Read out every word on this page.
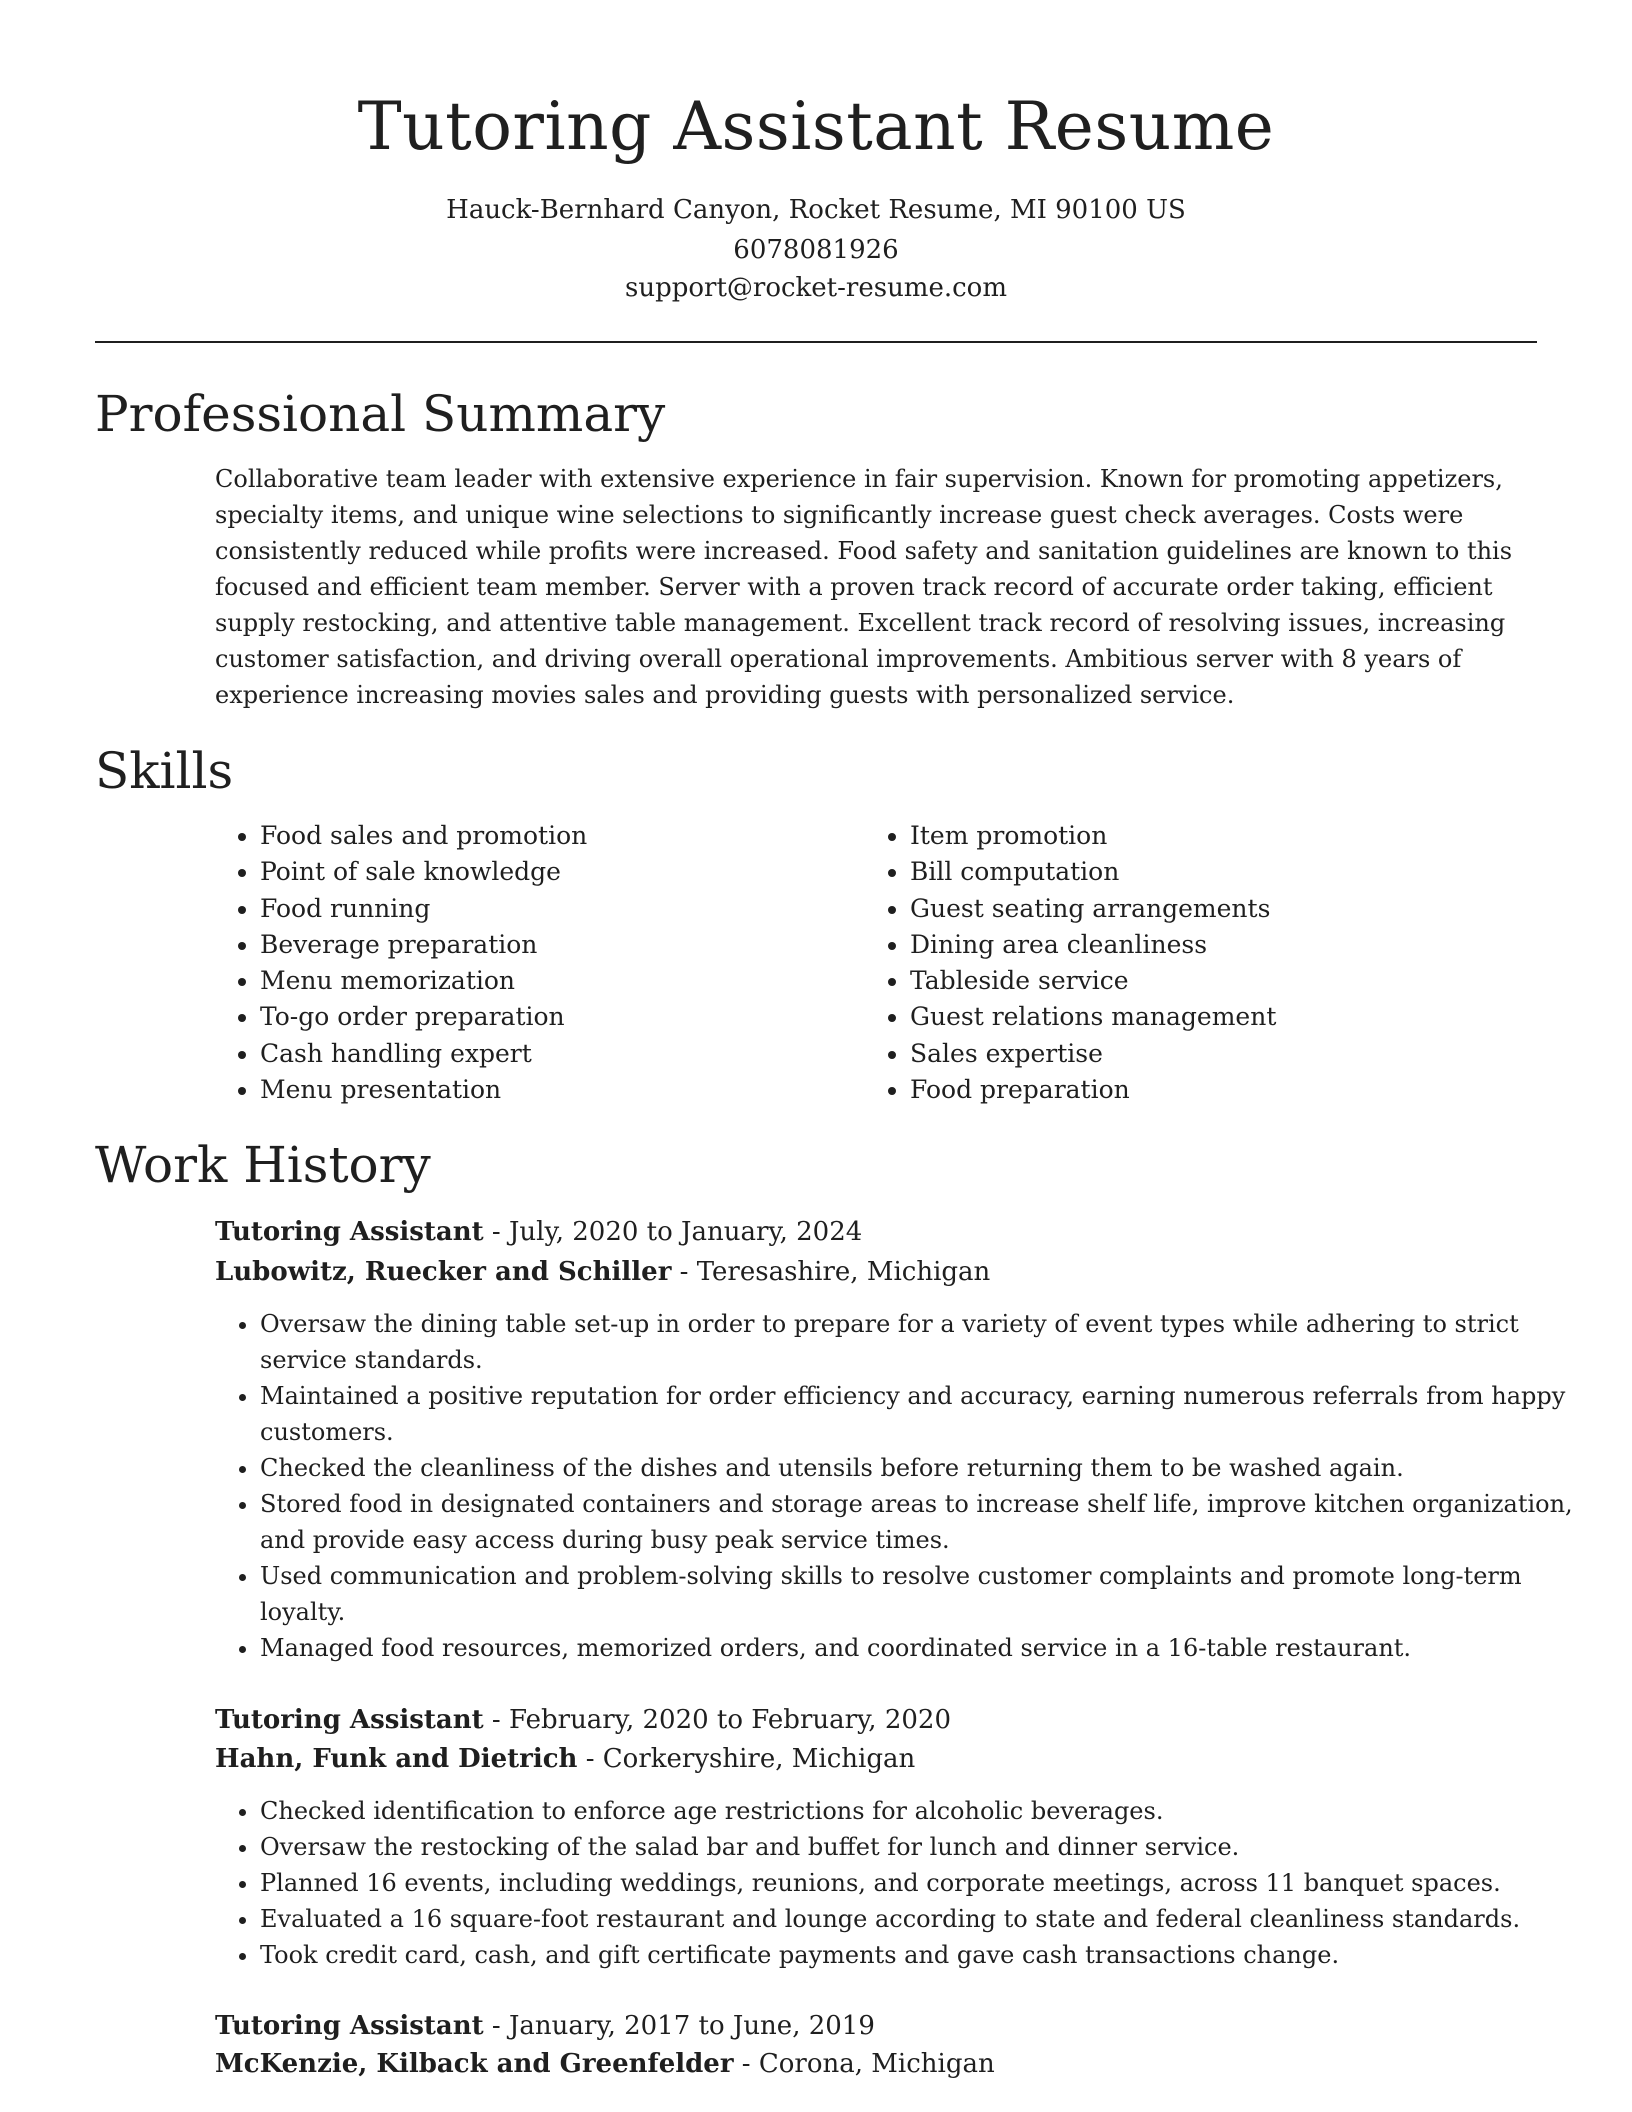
Tutoring Assistant Resume
Hauck-Bernhard Canyon, Rocket Resume, MI 90100 US
6078081926
support@rocket-resume.com
Professional Summary

Collaborative team leader with extensive experience in fair supervision. Known for promoting appetizers, specialty items, and unique wine selections to significantly increase guest check averages. Costs were consistently reduced while profits were increased. Food safety and sanitation guidelines are known to this focused and efficient team member. Server with a proven track record of accurate order taking, efficient supply restocking, and attentive table management. Excellent track record of resolving issues, increasing customer satisfaction, and driving overall operational improvements. Ambitious server with 8 years of experience increasing movies sales and providing guests with personalized service.

Skills
• Food sales and promotion
• Point of sale knowledge
• Food running
• Beverage preparation
• Menu memorization
• To-go order preparation
• Cash handling expert
• Menu presentation
• Item promotion
• Bill computation
• Guest seating arrangements
• Dining area cleanliness
• Tableside service
• Guest relations management
• Sales expertise
• Food preparation
Work History
Tutoring Assistant - July, 2020 to January, 2024
Lubowitz, Ruecker and Schiller - Teresashire, Michigan
• Oversaw the dining table set-up in order to prepare for a variety of event types while adhering to strict service standards.
• Maintained a positive reputation for order efficiency and accuracy, earning numerous referrals from happy customers.
• Checked the cleanliness of the dishes and utensils before returning them to be washed again.
• Stored food in designated containers and storage areas to increase shelf life, improve kitchen organization, and provide easy access during busy peak service times.
• Used communication and problem-solving skills to resolve customer complaints and promote long-term loyalty.
• Managed food resources, memorized orders, and coordinated service in a 16-table restaurant.
Tutoring Assistant - February, 2020 to February, 2020
Hahn, Funk and Dietrich - Corkeryshire, Michigan
• Checked identification to enforce age restrictions for alcoholic beverages.
• Oversaw the restocking of the salad bar and buffet for lunch and dinner service.
• Planned 16 events, including weddings, reunions, and corporate meetings, across 11 banquet spaces.
• Evaluated a 16 square-foot restaurant and lounge according to state and federal cleanliness standards.
• Took credit card, cash, and gift certificate payments and gave cash transactions change.
Tutoring Assistant - January, 2017 to June, 2019
McKenzie, Kilback and Greenfelder - Corona, Michigan
